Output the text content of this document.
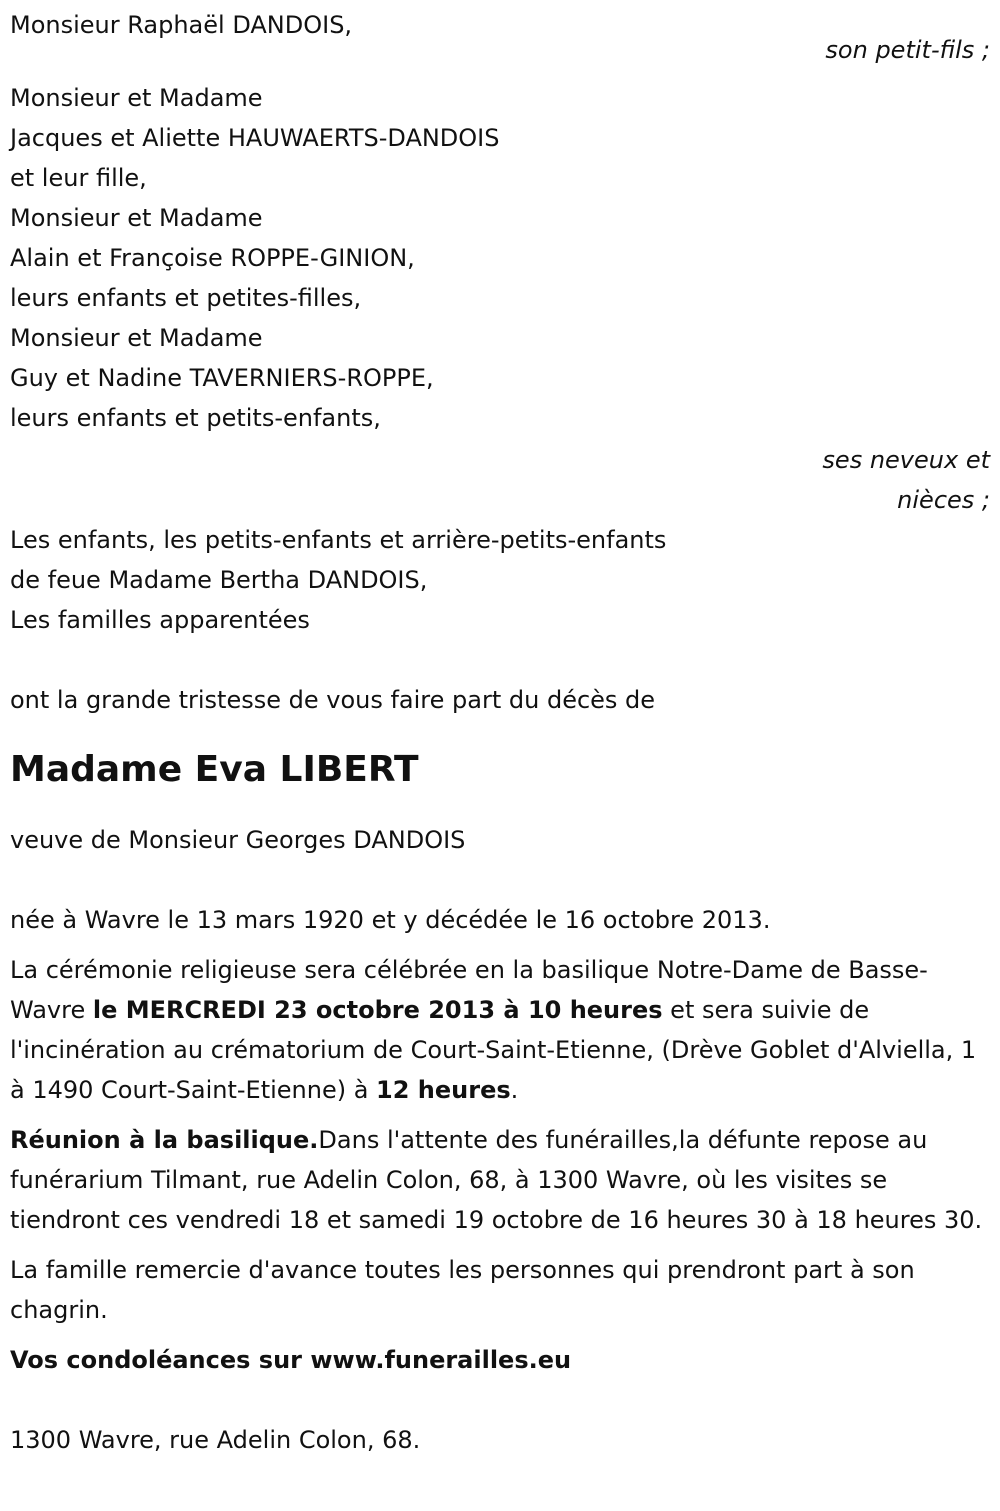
Monsieur Raphaël DANDOIS,
son petit-fils ;
Monsieur et Madame
Jacques et Aliette HAUWAERTS-DANDOIS
et leur fille,
Monsieur et Madame
Alain et Françoise ROPPE-GINION,
leurs enfants et petites-filles,
Monsieur et Madame
Guy et Nadine TAVERNIERS-ROPPE,
leurs enfants et petits-enfants,
ses neveux et
nièces ;
Les enfants, les petits-enfants et arrière-petits-enfants
de feue Madame Bertha DANDOIS,
Les familles apparentées
ont la grande tristesse de vous faire part du décès de
Madame Eva LIBERT
veuve de Monsieur Georges DANDOIS
née à Wavre le 13 mars 1920 et y décédée le 16 octobre 2013.
La cérémonie religieuse sera célébrée en la basilique Notre-Dame de Basse-Wavre le MERCREDI 23 octobre 2013 à 10 heures et sera suivie de l'incinération au crématorium de Court-Saint-Etienne, (Drève Goblet d'Alviella, 1 à 1490 Court-Saint-Etienne) à 12 heures.
Réunion à la basilique.Dans l'attente des funérailles,la défunte repose au funérarium Tilmant, rue Adelin Colon, 68, à 1300 Wavre, où les visites se tiendront ces vendredi 18 et samedi 19 octobre de 16 heures 30 à 18 heures 30.
La famille remercie d'avance toutes les personnes qui prendront part à son chagrin.
Vos condoléances sur www.funerailles.eu
1300 Wavre, rue Adelin Colon, 68.
